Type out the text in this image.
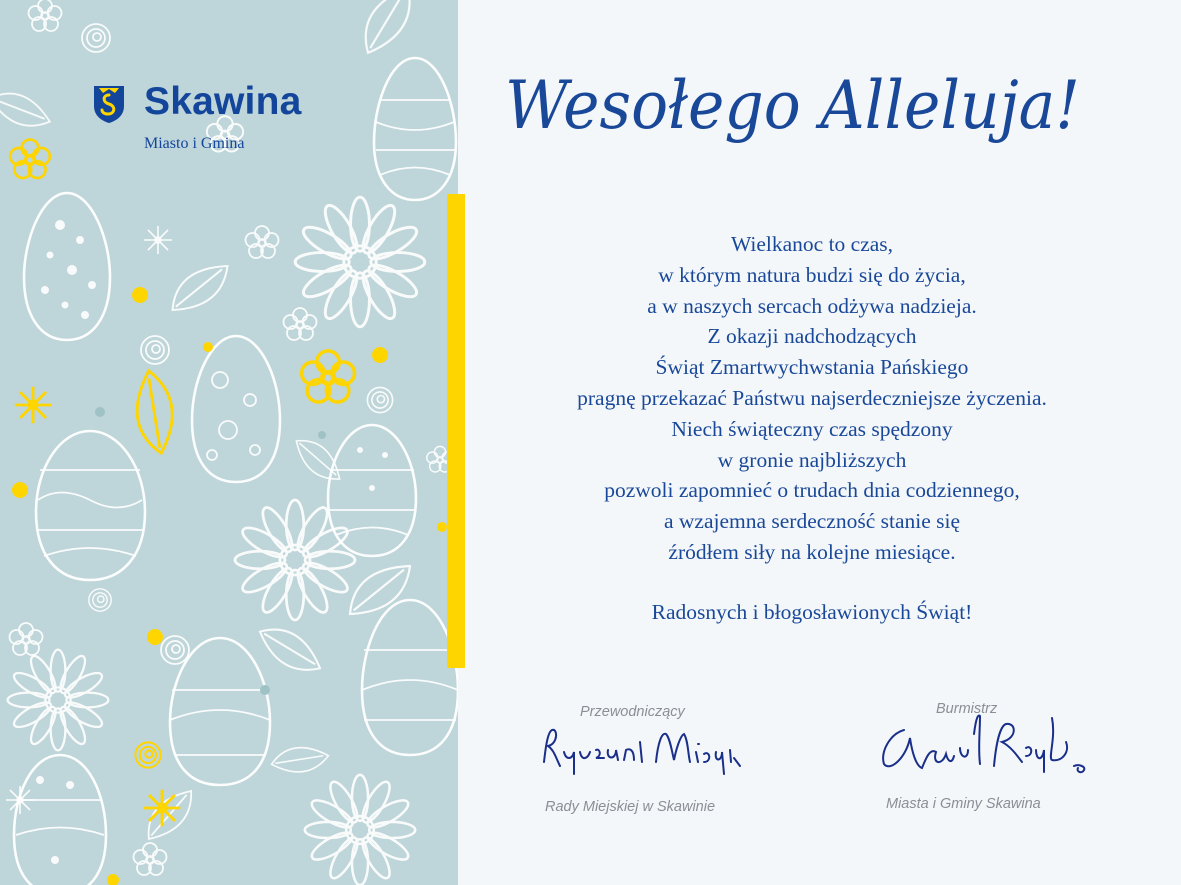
Skawina
Miasto i Gmina	Wesołego Alleluja!
Wielkanoc to czas,
w którym natura budzi się do życia,
a w naszych sercach odżywa nadzieja.
Z okazji nadchodzących
Świąt Zmartwychwstania Pańskiego
pragnę przekazać Państwu najserdeczniejsze życzenia.
Niech świąteczny czas spędzony
w gronie najbliższych
pozwoli zapomnieć o trudach dnia codziennego,
a wzajemna serdeczność stanie się
źródłem siły na kolejne miesiące.
Radosnych i błogosławionych Świąt!
Przewodniczący
Rady Miejskiej w Skawinie
Burmistrz
Miasta i Gminy Skawina
